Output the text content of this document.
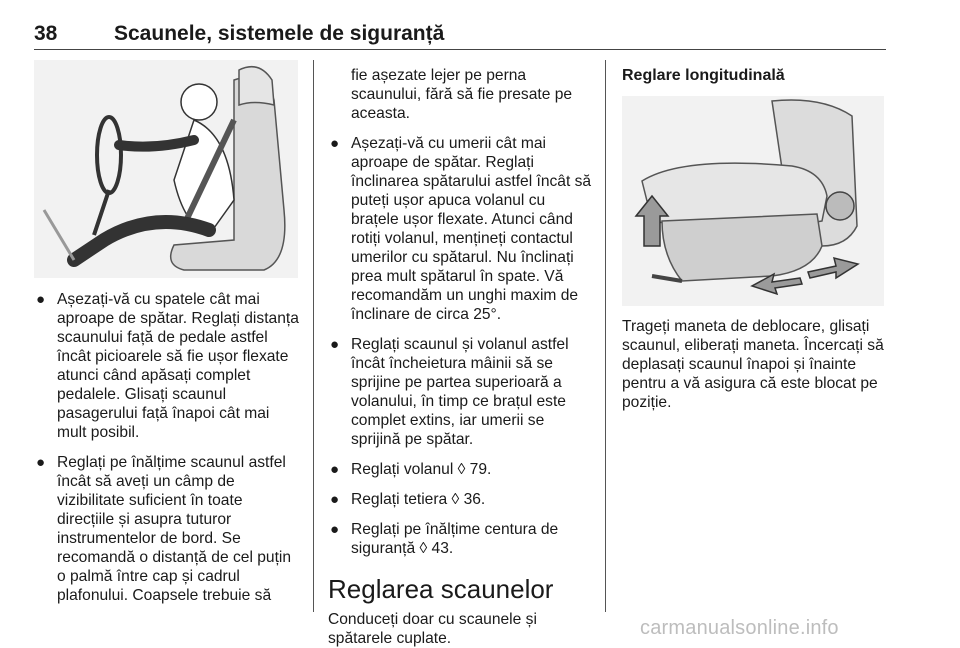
38	Scaunele, sistemele de siguranță
● Așezați-vă cu spatele cât mai aproape de spătar. Reglați distanța scaunului față de pedale astfel încât picioarele să fie ușor flexate atunci când apăsați complet pedalele. Glisați scaunul pasagerului față înapoi cât mai mult posibil.
● Reglați pe înălțime scaunul astfel încât să aveți un câmp de vizibilitate suficient în toate direcțiile și asupra tuturor instrumentelor de bord. Se recomandă o distanță de cel puțin o palmă între cap și cadrul plafonului. Coapsele trebuie să
fie așezate lejer pe perna scaunului, fără să fie presate pe aceasta.
● Așezați-vă cu umerii cât mai aproape de spătar. Reglați înclinarea spătarului astfel încât să puteți ușor apuca volanul cu brațele ușor flexate. Atunci când rotiți volanul, mențineți contactul umerilor cu spătarul. Nu înclinați prea mult spătarul în spate. Vă recomandăm un unghi maxim de înclinare de circa 25°.
● Reglați scaunul și volanul astfel încât încheietura mâinii să se sprijine pe partea superioară a volanului, în timp ce brațul este complet extins, iar umerii se sprijină pe spătar.
● Reglați volanul ◊ 79.
● Reglați tetiera ◊ 36.
● Reglați pe înălțime centura de siguranță ◊ 43.
Reglarea scaunelor
Conduceți doar cu scaunele și spătarele cuplate.
Reglare longitudinală
Trageți maneta de deblocare, glisați scaunul, eliberați maneta. Încercați să deplasați scaunul înapoi și înainte pentru a vă asigura că este blocat pe poziție.
carmanualsonline.info
